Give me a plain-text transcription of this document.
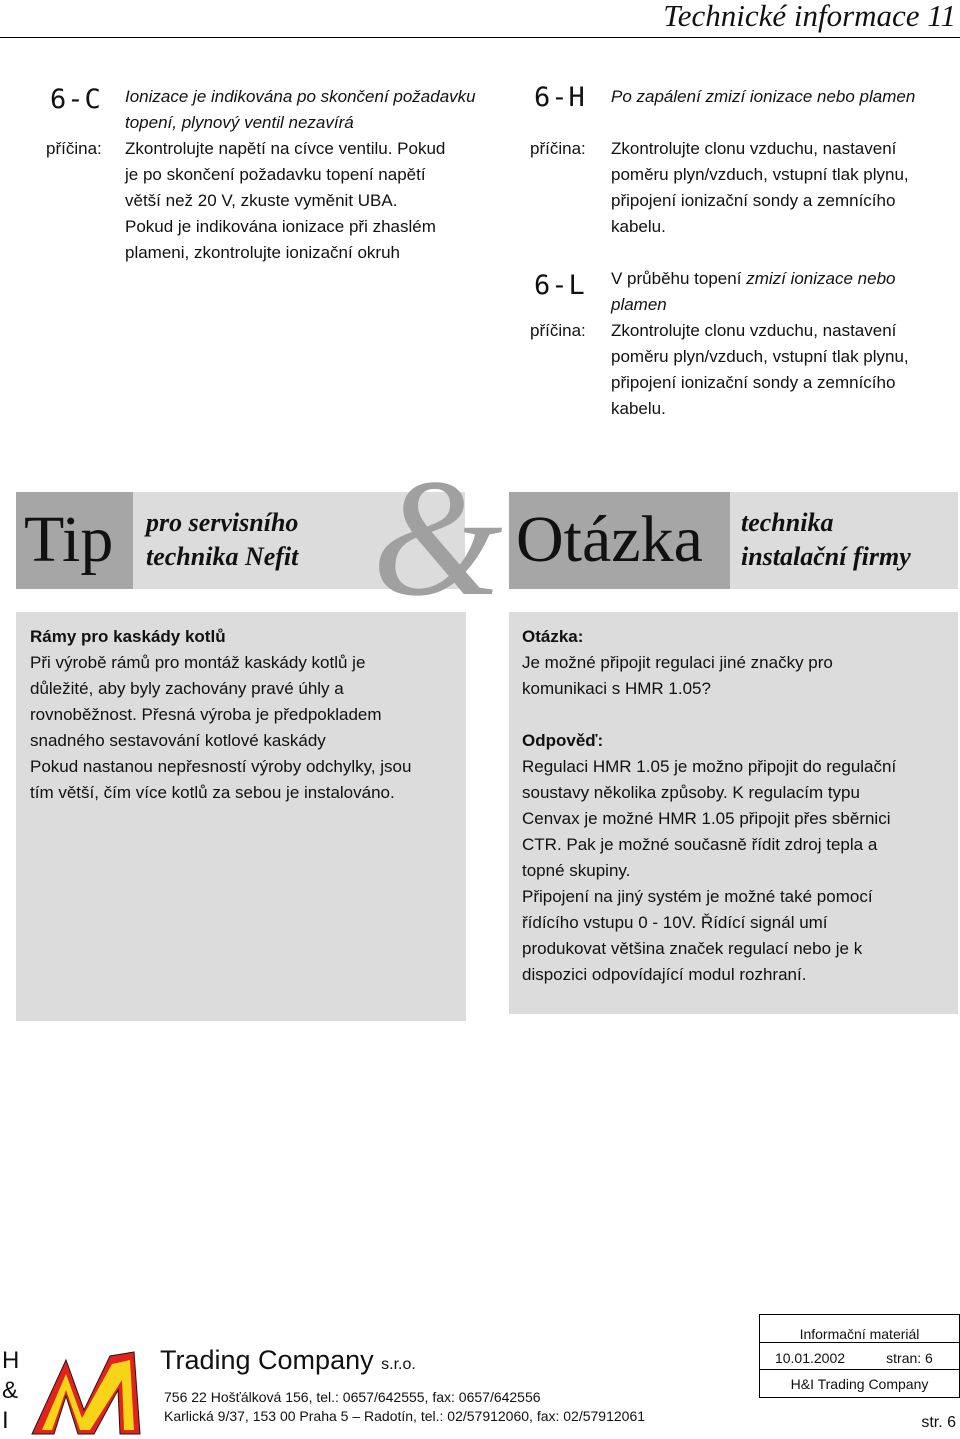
Technické informace 11
6-C Ionizace je indikována po skončení požadavku topení, plynový ventil nezavírá

příčina: Zkontrolujte napětí na cívce ventilu. Pokud
je po skončení požadavku topení napětí
větší než 20 V, zkuste vyměnit UBA.
Pokud je indikována ionizace při zhaslém
plameni, zkontrolujte ionizační okruh
6-H Po zapálení zmizí ionizace nebo plamen
příčina: Zkontrolujte clonu vzduchu, nastavení
poměru plyn/vzduch, vstupní tlak plynu,
připojení ionizační sondy a zemnícího
kabelu.
6-L V průběhu topení zmizí ionizace nebo
plamen
příčina: Zkontrolujte clonu vzduchu, nastavení
poměru plyn/vzduch, vstupní tlak plynu,
připojení ionizační sondy a zemnícího
kabelu.
Tip pro servisního
technika Nefit &
Rámy pro kaskády kotlů
Při výrobě rámů pro montáž kaskády kotlů je
důležité, aby byly zachovány pravé úhly a
rovnoběžnost. Přesná výroba je předpokladem
snadného sestavování kotlové kaskády
Pokud nastanou nepřesností výroby odchylky, jsou
tím větší, čím více kotlů za sebou je instalováno.
Otázka technika
instalační firmy
Otázka:
Je možné připojit regulaci jiné značky pro
komunikaci s HMR 1.05?
Odpověď:
Regulaci HMR 1.05 je možno připojit do regulační
soustavy několika způsoby. K regulacím typu
Cenvax je možné HMR 1.05 připojit přes sběrnici
CTR. Pak je možné současně řídit zdroj tepla a
topné skupiny.
Připojení na jiný systém je možné také pomocí
řídícího vstupu 0 - 10V. Řídící signál umí
produkovat většina značek regulací nebo je k
dispozici odpovídající modul rozhraní.
H
&
I
Trading Company s.r.o.
756 22 Hošťálková 156, tel.: 0657/642555, fax: 0657/642556
Karlická 9/37, 153 00 Praha 5 – Radotín, tel.: 02/57912060, fax: 02/57912061
Informační materiál
10.01.2002	stran: 6
H&I Trading Company
str. 6
